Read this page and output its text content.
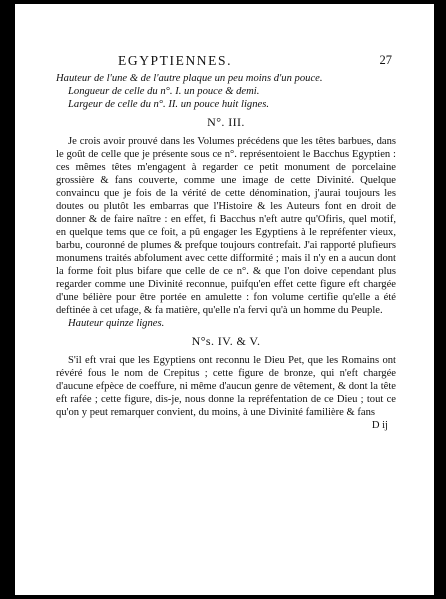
EGYPTIENNES.	27

Hauteur de l'une & de l'autre plaque un peu moins d'un pouce.

Longueur de celle du n°. I. un pouce & demi.

Largeur de celle du n°. II. un pouce huit lignes.

N°. III.

Je crois avoir prouvé dans les Volumes précédens que les têtes barbues, dans le goût de celle que je présente sous ce n°. représentoient le Bacchus Egyptien : ces mêmes têtes m'engagent à regarder ce petit monument de porcelaine grossière & fans couverte, comme une image de cette Divinité. Quelque convaincu que je fois de la vérité de cette dénomination, j'aurai toujours les doutes ou plutôt les embarras que l'Histoire & les Auteurs font en droit de donner & de faire naître : en effet, fi Bacchus n'eft autre qu'Ofiris, quel motif, en quelque tems que ce foit, a pû engager les Egyptiens à le repréfenter vieux, barbu, couronné de plumes & prefque toujours contrefait. J'ai rapporté plufieurs monumens traités abfolument avec cette difformité ; mais il n'y en a aucun dont la forme foit plus bifare que celle de ce n°. & que l'on doive cependant plus regarder comme une Divinité reconnue, puifqu'en effet cette figure eft chargée d'une bélière pour être portée en amulette : fon volume certifie qu'elle a été deftinée à cet ufage, & fa matière, qu'elle n'a fervi qu'à un homme du Peuple.

Hauteur quinze lignes.

N°s. IV. & V.

S'il eft vrai que les Egyptiens ont reconnu le Dieu Pet, que les Romains ont révéré fous le nom de Crepitus ; cette figure de bronze, qui n'eft chargée d'aucune efpèce de coeffure, ni même d'aucun genre de vêtement, & dont la tête eft rafée ; cette figure, dis-je, nous donne la repréfentation de ce Dieu ; tout ce qu'on y peut remarquer convient, du moins, à une Divinité familière & fans

D ij
